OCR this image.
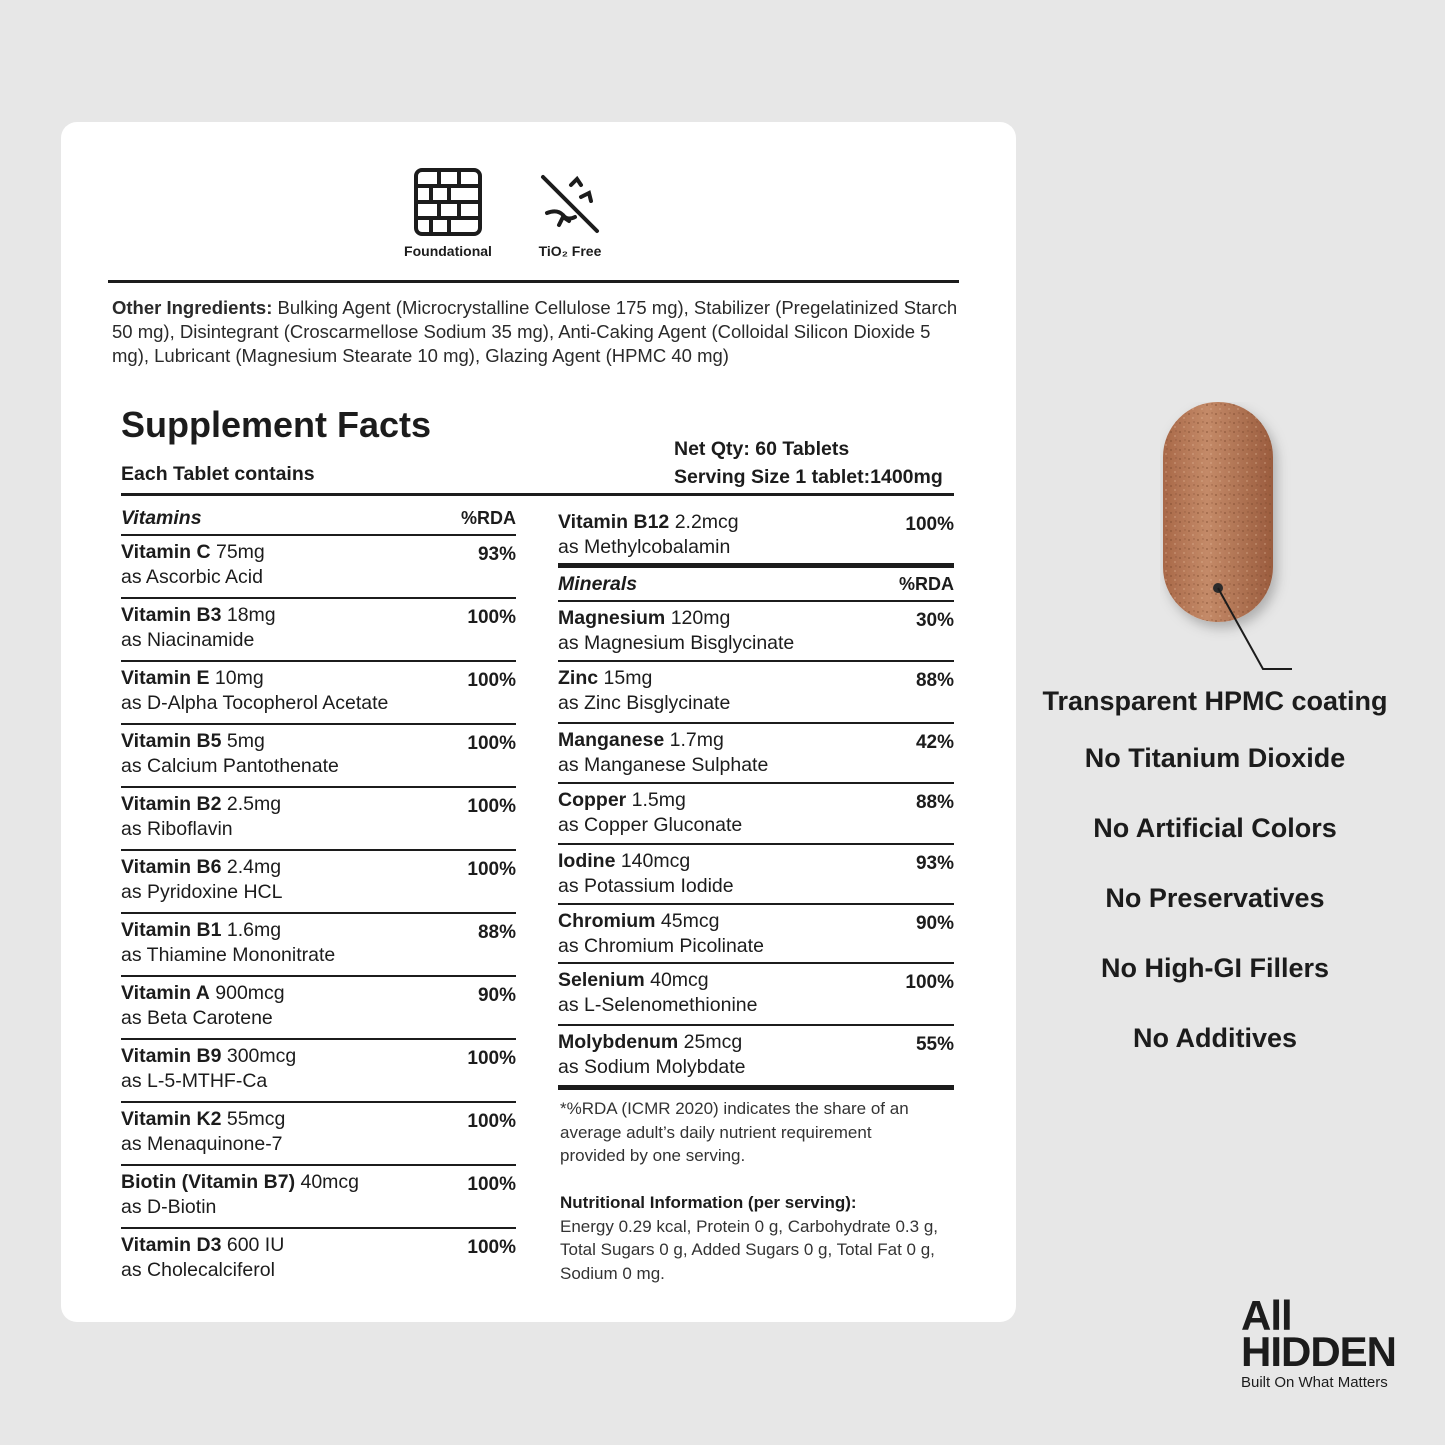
Foundational	TiO₂ Free
Other Ingredients: Bulking Agent (Microcrystalline Cellulose 175 mg), Stabilizer (Pregelatinized Starch 50 mg), Disintegrant (Croscarmellose Sodium 35 mg), Anti-Caking Agent (Colloidal Silicon Dioxide 5 mg), Lubricant (Magnesium Stearate 10 mg), Glazing Agent (HPMC 40 mg)
Supplement Facts
Each Tablet contains
Net Qty: 60 Tablets
Serving Size 1 tablet:1400mg
Vitamins	%RDA
Vitamin C 75mg	93%
as Ascorbic Acid
Vitamin B3 18mg	100%
as Niacinamide
Vitamin E 10mg	100%
as D-Alpha Tocopherol Acetate
Vitamin B5 5mg	100%
as Calcium Pantothenate
Vitamin B2 2.5mg	100%
as Riboflavin
Vitamin B6 2.4mg	100%
as Pyridoxine HCL
Vitamin B1 1.6mg	88%
as Thiamine Mononitrate
Vitamin A 900mcg	90%
as Beta Carotene
Vitamin B9 300mcg	100%
as L-5-MTHF-Ca
Vitamin K2 55mcg	100%
as Menaquinone-7
Biotin (Vitamin B7) 40mcg	100%
as D-Biotin
Vitamin D3 600 IU	100%
as Cholecalciferol
Vitamin B12 2.2mcg	100%
as Methylcobalamin
Minerals	%RDA
Magnesium 120mg	30%
as Magnesium Bisglycinate
Zinc 15mg	88%
as Zinc Bisglycinate
Manganese 1.7mg	42%
as Manganese Sulphate
Copper 1.5mg	88%
as Copper Gluconate
Iodine 140mcg	93%
as Potassium Iodide
Chromium 45mcg	90%
as Chromium Picolinate
Selenium 40mcg	100%
as L-Selenomethionine
Molybdenum 25mcg	55%
as Sodium Molybdate
*%RDA (ICMR 2020) indicates the share of an
average adult’s daily nutrient requirement
provided by one serving.
Nutritional Information (per serving):
Energy 0.29 kcal, Protein 0 g, Carbohydrate 0.3 g,
Total Sugars 0 g, Added Sugars 0 g, Total Fat 0 g,
Sodium 0 mg.
Transparent HPMC coating
No Titanium Dioxide
No Artificial Colors
No Preservatives
No High-GI Fillers
No Additives
All
HIDDEN
Built On What Matters
